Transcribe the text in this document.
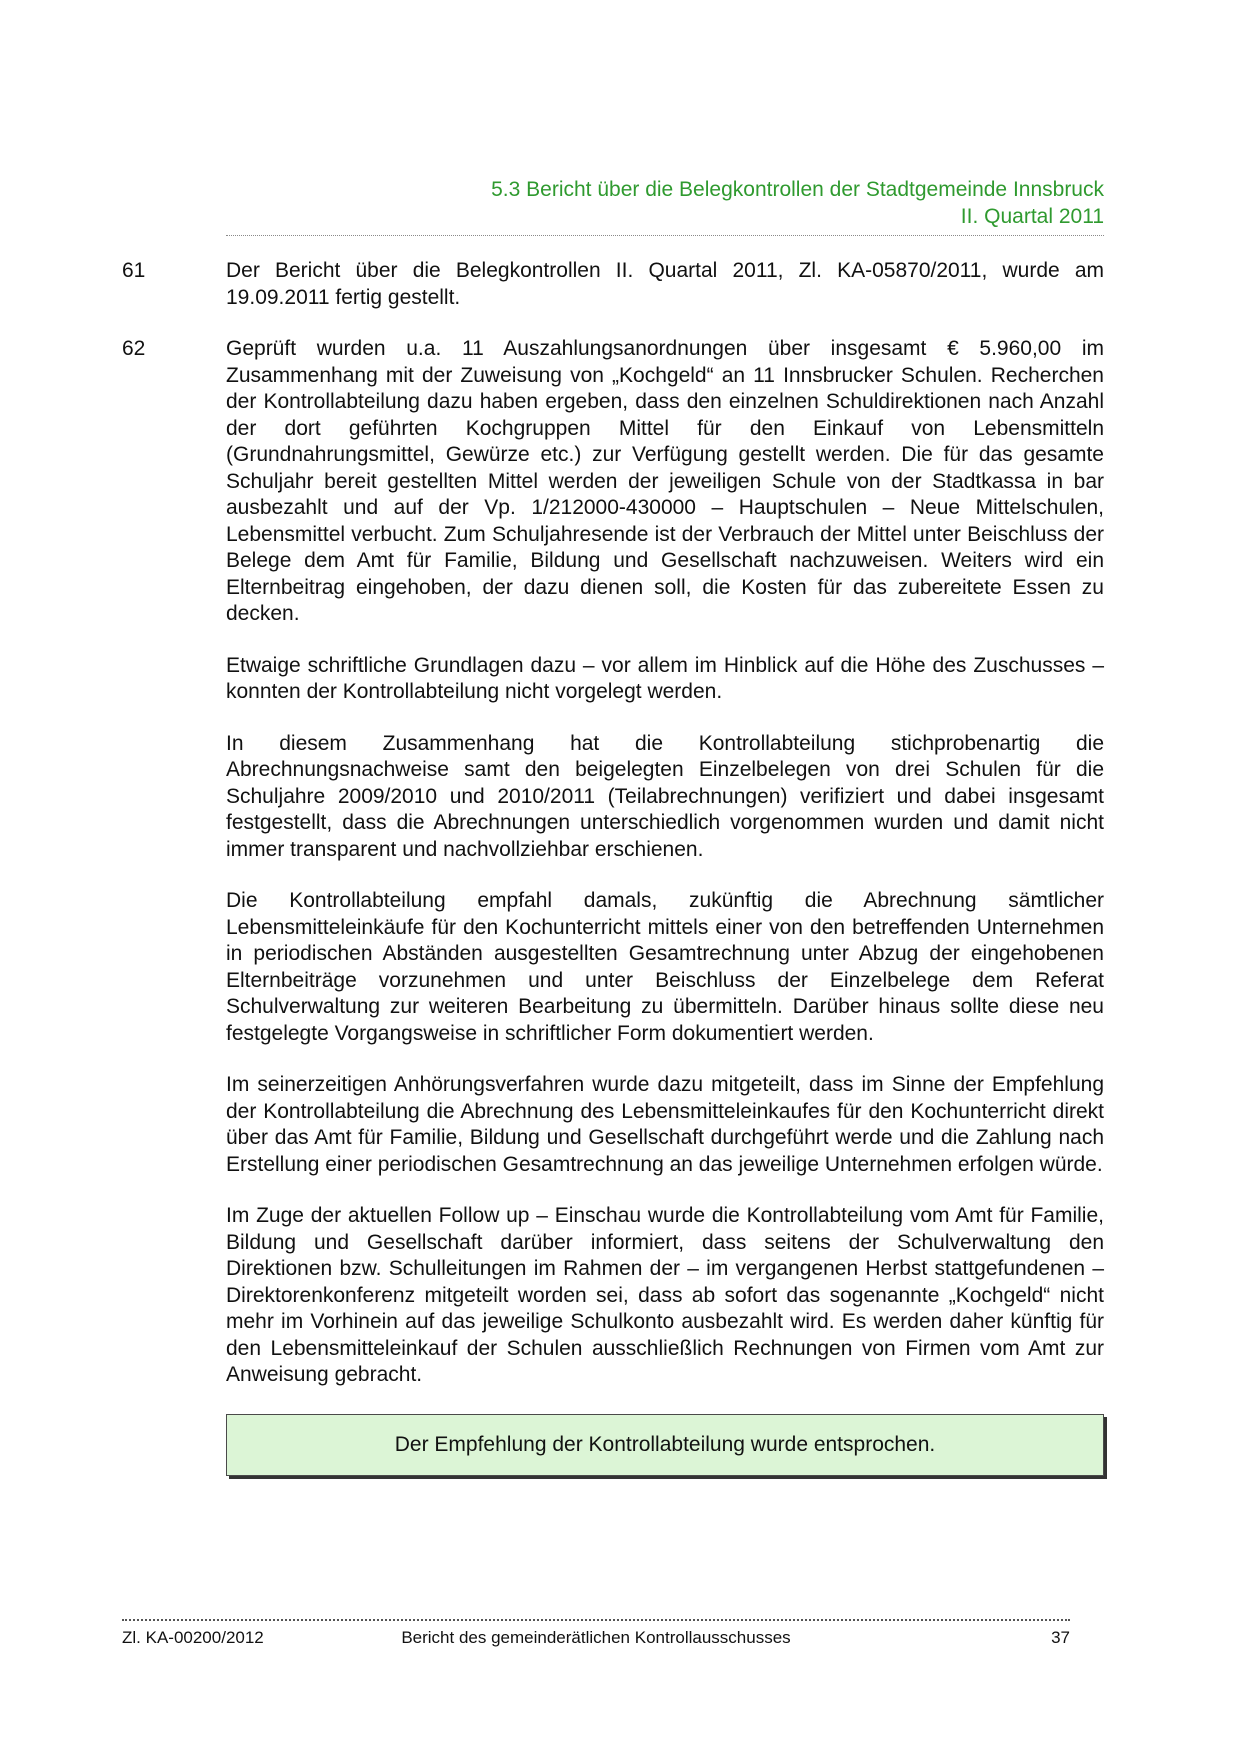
5.3 Bericht über die Belegkontrollen der Stadtgemeinde Innsbruck
II. Quartal 2011
61	Der Bericht über die Belegkontrollen II. Quartal 2011, Zl. KA-05870/2011, wurde am 19.09.2011 fertig gestellt.
62	Geprüft wurden u.a. 11 Auszahlungsanordnungen über insgesamt € 5.960,00 im Zusammenhang mit der Zuweisung von „Kochgeld“ an 11 Innsbrucker Schulen. Recherchen der Kontrollabteilung dazu haben ergeben, dass den einzelnen Schuldirektionen nach Anzahl der dort geführten Kochgruppen Mittel für den Einkauf von Lebensmitteln (Grundnahrungsmittel, Gewürze etc.) zur Verfügung gestellt werden. Die für das gesamte Schuljahr bereit gestellten Mittel werden der jeweiligen Schule von der Stadtkassa in bar ausbezahlt und auf der Vp. 1/212000-430000 – Hauptschulen – Neue Mittelschulen, Lebensmittel verbucht. Zum Schuljahresende ist der Verbrauch der Mittel unter Beischluss der Belege dem Amt für Familie, Bildung und Gesellschaft nachzuweisen. Weiters wird ein Elternbeitrag eingehoben, der dazu dienen soll, die Kosten für das zubereitete Essen zu decken.
Etwaige schriftliche Grundlagen dazu – vor allem im Hinblick auf die Höhe des Zuschusses – konnten der Kontrollabteilung nicht vorgelegt werden.
In diesem Zusammenhang hat die Kontrollabteilung stichprobenartig die Abrechnungsnachweise samt den beigelegten Einzelbelegen von drei Schulen für die Schuljahre 2009/2010 und 2010/2011 (Teilabrechnungen) verifiziert und dabei insgesamt festgestellt, dass die Abrechnungen unterschiedlich vorgenommen wurden und damit nicht immer transparent und nachvollziehbar erschienen.
Die Kontrollabteilung empfahl damals, zukünftig die Abrechnung sämtlicher Lebensmitteleinkäufe für den Kochunterricht mittels einer von den betreffenden Unternehmen in periodischen Abständen ausgestellten Gesamtrechnung unter Abzug der eingehobenen Elternbeiträge vorzunehmen und unter Beischluss der Einzelbelege dem Referat Schulverwaltung zur weiteren Bearbeitung zu übermitteln. Darüber hinaus sollte diese neu festgelegte Vorgangsweise in schriftlicher Form dokumentiert werden.
Im seinerzeitigen Anhörungsverfahren wurde dazu mitgeteilt, dass im Sinne der Empfehlung der Kontrollabteilung die Abrechnung des Lebensmitteleinkaufes für den Kochunterricht direkt über das Amt für Familie, Bildung und Gesellschaft durchgeführt werde und die Zahlung nach Erstellung einer periodischen Gesamtrechnung an das jeweilige Unternehmen erfolgen würde.
Im Zuge der aktuellen Follow up – Einschau wurde die Kontrollabteilung vom Amt für Familie, Bildung und Gesellschaft darüber informiert, dass seitens der Schulverwaltung den Direktionen bzw. Schulleitungen im Rahmen der – im vergangenen Herbst stattgefundenen – Direktorenkonferenz mitgeteilt worden sei, dass ab sofort das sogenannte „Kochgeld“ nicht mehr im Vorhinein auf das jeweilige Schulkonto ausbezahlt wird. Es werden daher künftig für den Lebensmitteleinkauf der Schulen ausschließlich Rechnungen von Firmen vom Amt zur Anweisung gebracht.
Der Empfehlung der Kontrollabteilung wurde entsprochen.
Zl. KA-00200/2012	Bericht des gemeinderätlichen Kontrollausschusses	37
